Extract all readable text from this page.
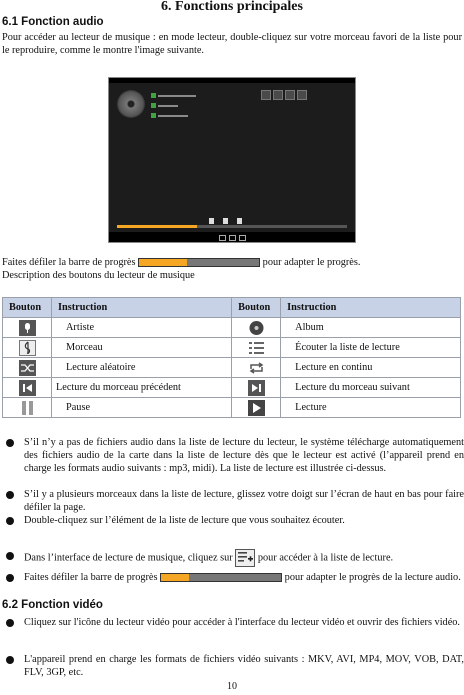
6. Fonctions principales
6.1 Fonction audio
Pour accéder au lecteur de musique : en mode lecteur, double-cliquez sur votre morceau favori de la liste pour le reproduire, comme le montre l'image suivante.
Faites défiler la barre de progrès	pour adapter le progrès.
Description des boutons du lecteur de musique
Bouton	Instruction	Bouton	Instruction
	Artiste		Album
	Morceau		Écouter la liste de lecture
	Lecture aléatoire		Lecture en continu
	Lecture du morceau précédent		Lecture du morceau suivant
	Pause		Lecture
S’il n’y a pas de fichiers audio dans la liste de lecture du lecteur, le système télécharge automatiquement des fichiers audio de la carte dans la liste de lecture dès que le lecteur est activé (l’appareil prend en charge les formats audio suivants : mp3, midi). La liste de lecture est illustrée ci-dessus.
S’il y a plusieurs morceaux dans la liste de lecture, glissez votre doigt sur l’écran de haut en bas pour faire défiler la page.
Double-cliquez sur l’élément de la liste de lecture que vous souhaitez écouter.
Dans l’interface de lecture de musique, cliquez sur pour accéder à la liste de lecture.
Faites défiler la barre de progrès	pour adapter le progrès de la lecture audio.
6.2 Fonction vidéo
Cliquez sur l'icône du lecteur vidéo pour accéder à l'interface du lecteur vidéo et ouvrir des fichiers vidéo.
L'appareil prend en charge les formats de fichiers vidéo suivants : MKV, AVI, MP4, MOV, VOB, DAT, FLV, 3GP, etc.
10
